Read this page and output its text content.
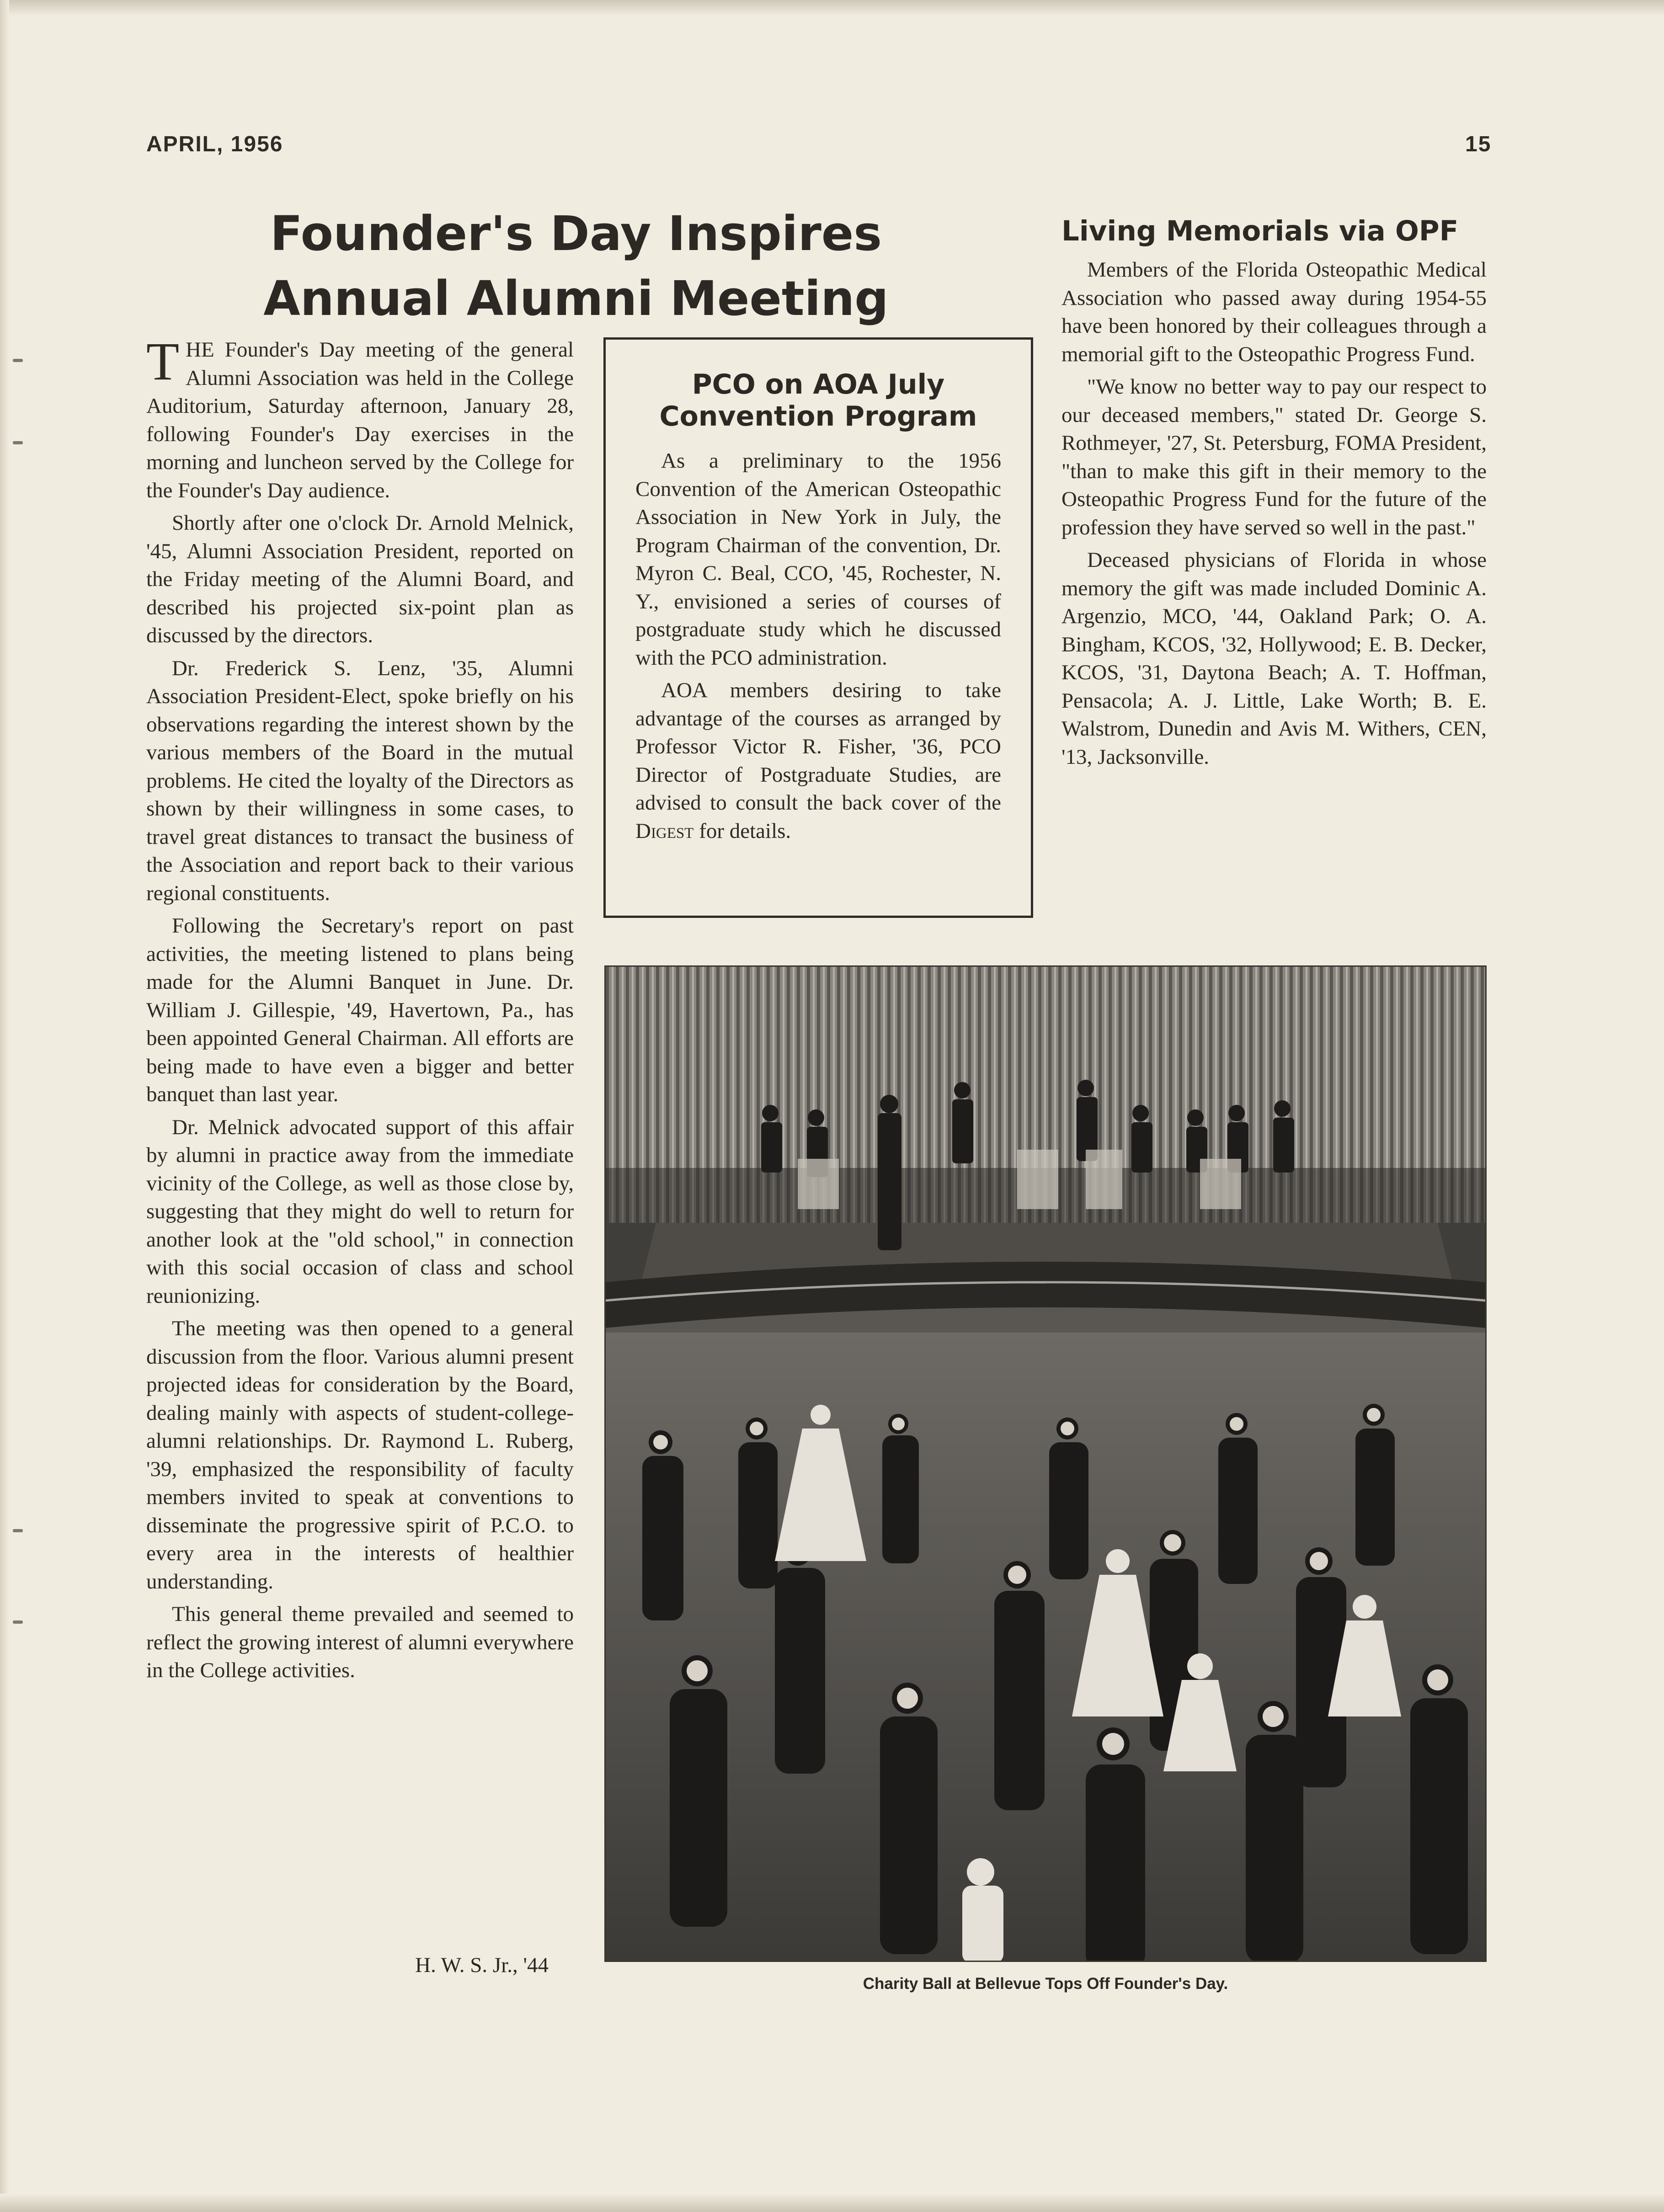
APRIL, 1956	15
Founder's Day Inspires
Annual Alumni Meeting

THE Founder's Day meeting of the general Alumni Association was held in the College Auditorium, Saturday afternoon, January 28, following Founder's Day exercises in the morning and luncheon served by the College for the Founder's Day audience.

Shortly after one o'clock Dr. Arnold Melnick, '45, Alumni Association President, reported on the Friday meeting of the Alumni Board, and described his projected six-point plan as discussed by the directors.

Dr. Frederick S. Lenz, '35, Alumni Association President-Elect, spoke briefly on his observations regarding the interest shown by the various members of the Board in the mutual problems. He cited the loyalty of the Directors as shown by their willingness in some cases, to travel great distances to transact the business of the Association and report back to their various regional constituents.

Following the Secretary's report on past activities, the meeting listened to plans being made for the Alumni Banquet in June. Dr. William J. Gillespie, '49, Havertown, Pa., has been appointed General Chairman. All efforts are being made to have even a bigger and better banquet than last year.

Dr. Melnick advocated support of this affair by alumni in practice away from the immediate vicinity of the College, as well as those close by, suggesting that they might do well to return for another look at the "old school," in connection with this social occasion of class and school reunionizing.

The meeting was then opened to a general discussion from the floor. Various alumni present projected ideas for consideration by the Board, dealing mainly with aspects of student-college-alumni relationships. Dr. Raymond L. Ruberg, '39, emphasized the responsibility of faculty members invited to speak at conventions to disseminate the progressive spirit of P.C.O. to every area in the interests of healthier understanding.

This general theme prevailed and seemed to reflect the growing interest of alumni everywhere in the College activities.

H. W. S. Jr., '44
PCO on AOA July
Convention Program

As a preliminary to the 1956 Convention of the American Osteopathic Association in New York in July, the Program Chairman of the convention, Dr. Myron C. Beal, CCO, '45, Rochester, N. Y., envisioned a series of courses of postgraduate study which he discussed with the PCO administration.

AOA members desiring to take advantage of the courses as arranged by Professor Victor R. Fisher, '36, PCO Director of Postgraduate Studies, are advised to consult the back cover of the Digest for details.

Living Memorials via OPF

Members of the Florida Osteopathic Medical Association who passed away during 1954-55 have been honored by their colleagues through a memorial gift to the Osteopathic Progress Fund.

"We know no better way to pay our respect to our deceased members," stated Dr. George S. Rothmeyer, '27, St. Petersburg, FOMA President, "than to make this gift in their memory to the Osteopathic Progress Fund for the future of the profession they have served so well in the past."

Deceased physicians of Florida in whose memory the gift was made included Dominic A. Argenzio, MCO, '44, Oakland Park; O. A. Bingham, KCOS, '32, Hollywood; E. B. Decker, KCOS, '31, Daytona Beach; A. T. Hoffman, Pensacola; A. J. Little, Lake Worth; B. E. Walstrom, Dunedin and Avis M. Withers, CEN, '13, Jacksonville.

Charity Ball at Bellevue Tops Off Founder's Day.
